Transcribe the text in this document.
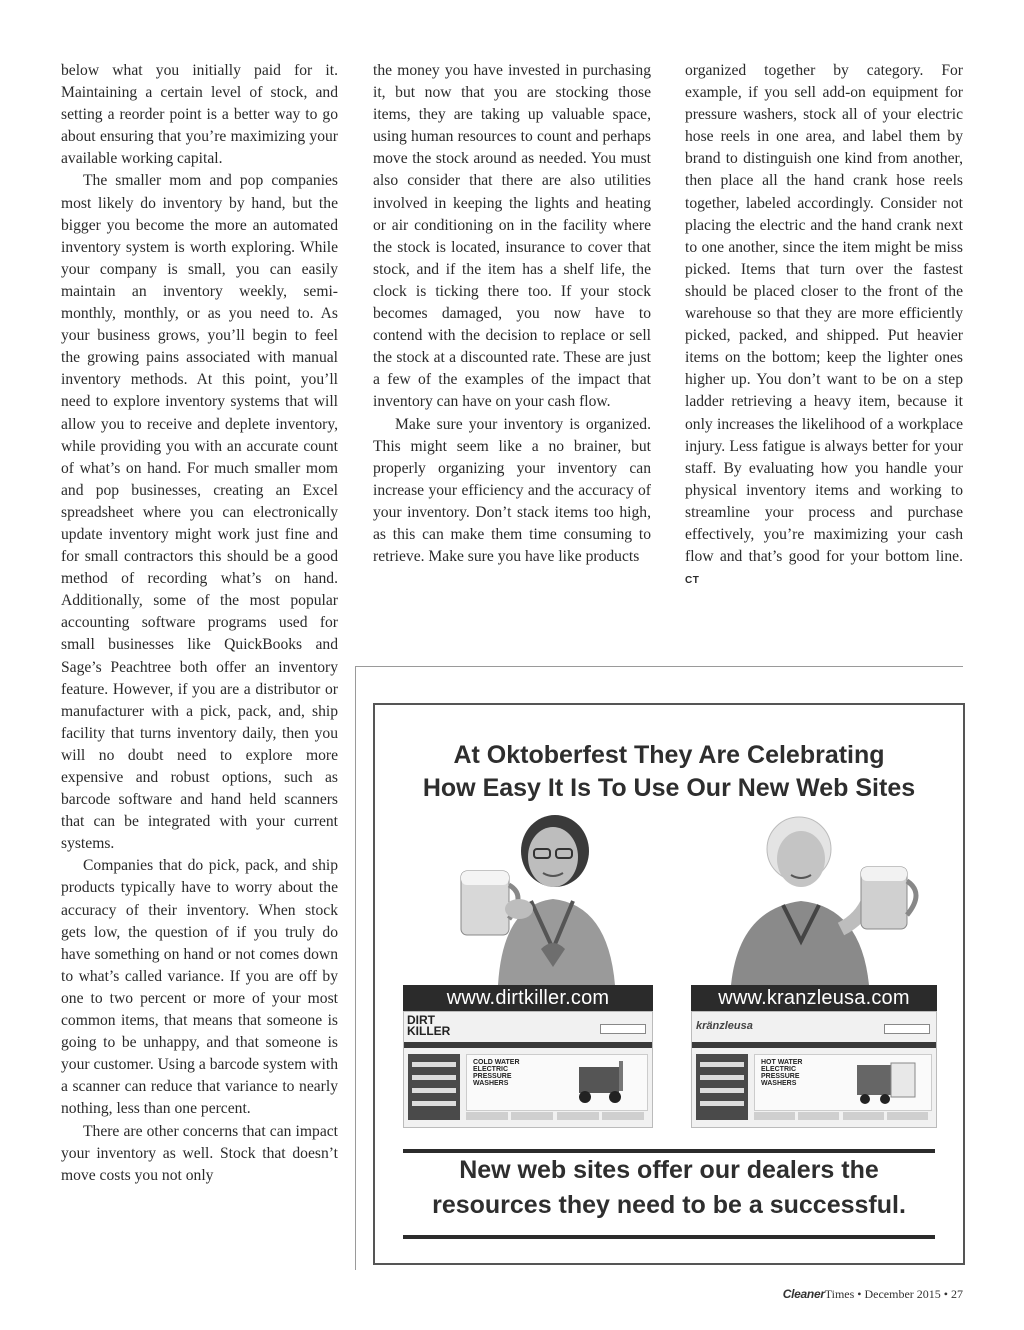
below what you initially paid for it. Maintaining a certain level of stock, and setting a reorder point is a better way to go about ensuring that you’re maximizing your available working capital.

The smaller mom and pop companies most likely do inventory by hand, but the bigger you become the more an automated inventory system is worth exploring. While your company is small, you can easily maintain an inventory weekly, semi-monthly, monthly, or as you need to. As your business grows, you’ll begin to feel the growing pains associated with manual inventory methods. At this point, you’ll need to explore inventory systems that will allow you to receive and deplete inventory, while providing you with an accurate count of what’s on hand. For much smaller mom and pop businesses, creating an Excel spreadsheet where you can electronically update inventory might work just fine and for small contractors this should be a good method of recording what’s on hand. Additionally, some of the most popular accounting software programs used for small businesses like QuickBooks and Sage’s Peachtree both offer an inventory feature. However, if you are a distributor or manufacturer with a pick, pack, and, ship facility that turns inventory daily, then you will no doubt need to explore more expensive and robust options, such as barcode software and hand held scanners that can be integrated with your current systems.

Companies that do pick, pack, and ship products typically have to worry about the accuracy of their inventory. When stock gets low, the question of if you truly do have something on hand or not comes down to what’s called variance. If you are off by one to two percent or more of your most common items, that means that someone is going to be unhappy, and that someone is your customer. Using a barcode system with a scanner can reduce that variance to nearly nothing, less than one percent.

There are other concerns that can impact your inventory as well. Stock that doesn’t move costs you not only

the money you have invested in purchasing it, but now that you are stocking those items, they are taking up valuable space, using human resources to count and perhaps move the stock around as needed. You must also consider that there are also utilities involved in keeping the lights and heating or air conditioning on in the facility where the stock is located, insurance to cover that stock, and if the item has a shelf life, the clock is ticking there too. If your stock becomes damaged, you now have to contend with the decision to replace or sell the stock at a discounted rate. These are just a few of the examples of the impact that inventory can have on your cash flow.

Make sure your inventory is organized. This might seem like a no brainer, but properly organizing your inventory can increase your efficiency and the accuracy of your inventory. Don’t stack items too high, as this can make them time consuming to retrieve. Make sure you have like products

organized together by category. For example, if you sell add-on equipment for pressure washers, stock all of your electric hose reels in one area, and label them by brand to distinguish one kind from another, then place all the hand crank hose reels together, labeled accordingly. Consider not placing the electric and the hand crank next to one another, since the item might be miss picked. Items that turn over the fastest should be placed closer to the front of the warehouse so that they are more efficiently picked, packed, and shipped. Put heavier items on the bottom; keep the lighter ones higher up. You don’t want to be on a step ladder retrieving a heavy item, because it only increases the likelihood of a workplace injury. Less fatigue is always better for your staff. By evaluating how you handle your physical inventory items and working to streamline your process and purchase effectively, you’re maximizing your cash flow and that’s good for your bottom line. CT

At Oktoberfest They Are Celebrating
How Easy It Is To Use Our New Web Sites
www.dirtkiller.com	www.kranzleusa.com
DIRT
KILLER
COLD WATER ELECTRIC PRESSURE WASHERS
kränzleusa
HOT WATER ELECTRIC PRESSURE WASHERS
New web sites offer our dealers the
resources they need to be a successful.
CleanerTimes • December 2015 • 27
